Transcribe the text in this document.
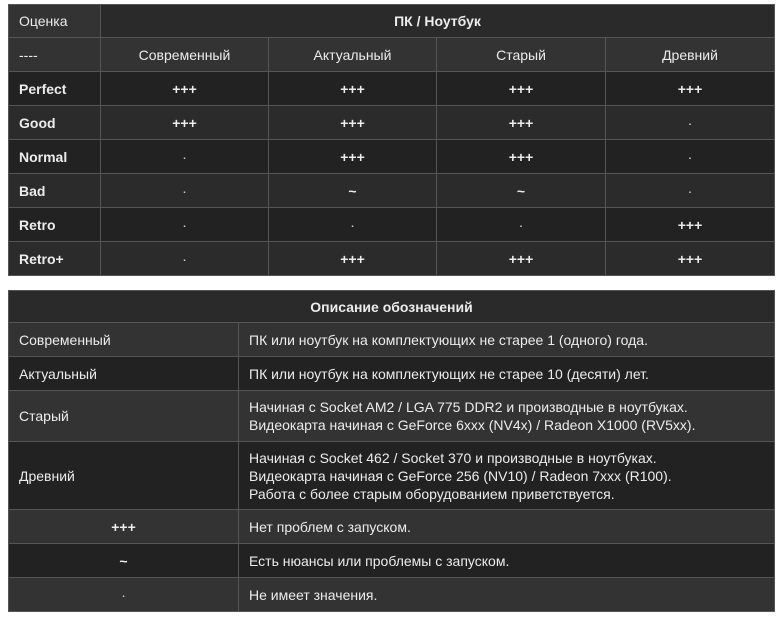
Оценка	ПК / Ноутбук			
----	Современный	Актуальный	Старый	Древний
Perfect	+++	+++	+++	+++
Good	+++	+++	+++	.
Normal	.	+++	+++	.
Bad	.	~	~	.
Retro	.	.	.	+++
Retro+	.	+++	+++	+++
Описание обозначений	
Современный	ПК или ноутбук на комплектующих не старее 1 (одного) года.

Актуальный	ПК или ноутбук на комплектующих не старее 10 (десяти) лет.

Старый	Начиная с Socket AM2 / LGA 775 DDR2 и производные в ноутбуках.
Видеокарта начиная с GeForce 6xxx (NV4x) / Radeon X1000 (RV5xx).

Древний	Начиная с Socket 462 / Socket 370 и производные в ноутбуках.
Видеокарта начиная с GeForce 256 (NV10) / Radeon 7xxx (R100).
Работа с более старым оборудованием приветствуется.

+++	Нет проблем с запуском.

~	Есть нюансы или проблемы с запуском.

.	Не имеет значения.
